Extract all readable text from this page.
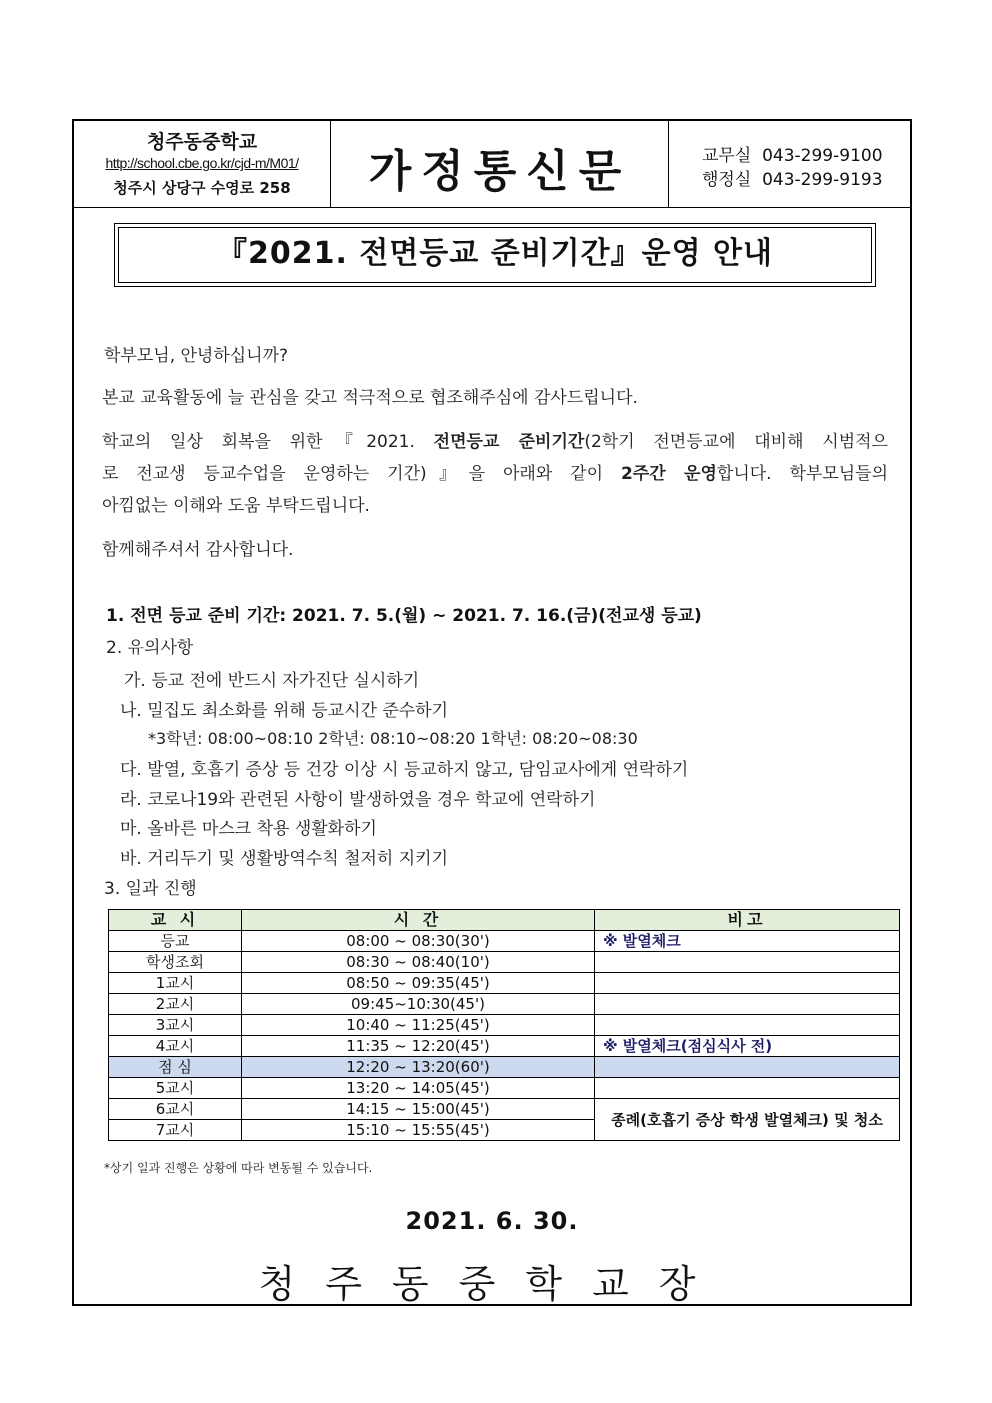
청주동중학교
http://school.cbe.go.kr/cjd-m/M01/
청주시 상당구 수영로 258	가정통신문	교무실 043-299-9100
행정실 043-299-9193
『2021. 전면등교 준비기간』운영 안내
학부모님, 안녕하십니까?
본교 교육활동에 늘 관심을 갖고 적극적으로 협조해주심에 감사드립니다.
학교의 일상 회복을 위한『2021. 전면등교 준비기간(2학기 전면등교에 대비해 시범적으
로 전교생 등교수업을 운영하는 기간)』을 아래와 같이 2주간 운영합니다. 학부모님들의
아낌없는 이해와 도움 부탁드립니다.
함께해주셔서 감사합니다.
1. 전면 등교 준비 기간: 2021. 7. 5.(월) ~ 2021. 7. 16.(금)(전교생 등교)
2. 유의사항
가. 등교 전에 반드시 자가진단 실시하기
나. 밀집도 최소화를 위해 등교시간 준수하기
*3학년: 08:00~08:10 2학년: 08:10~08:20 1학년: 08:20~08:30
다. 발열, 호흡기 증상 등 건강 이상 시 등교하지 않고, 담임교사에게 연락하기
라. 코로나19와 관련된 사항이 발생하였을 경우 학교에 연락하기
마. 올바른 마스크 착용 생활화하기
바. 거리두기 및 생활방역수칙 철저히 지키기
3. 일과 진행
교 시	시 간	비고
등교	08:00 ~ 08:30(30')	※ 발열체크
학생조회	08:30 ~ 08:40(10')	
1교시	08:50 ~ 09:35(45')	
2교시	09:45~10:30(45')	
3교시	10:40 ~ 11:25(45')	
4교시	11:35 ~ 12:20(45')	※ 발열체크(점심식사 전)
점 심	12:20 ~ 13:20(60')	
5교시	13:20 ~ 14:05(45')	
6교시	14:15 ~ 15:00(45')	종례(호흡기 증상 학생 발열체크) 및 청소
7교시	15:10 ~ 15:55(45')	
*상기 일과 진행은 상황에 따라 변동될 수 있습니다.
2021. 6. 30.
청주동중학교장
